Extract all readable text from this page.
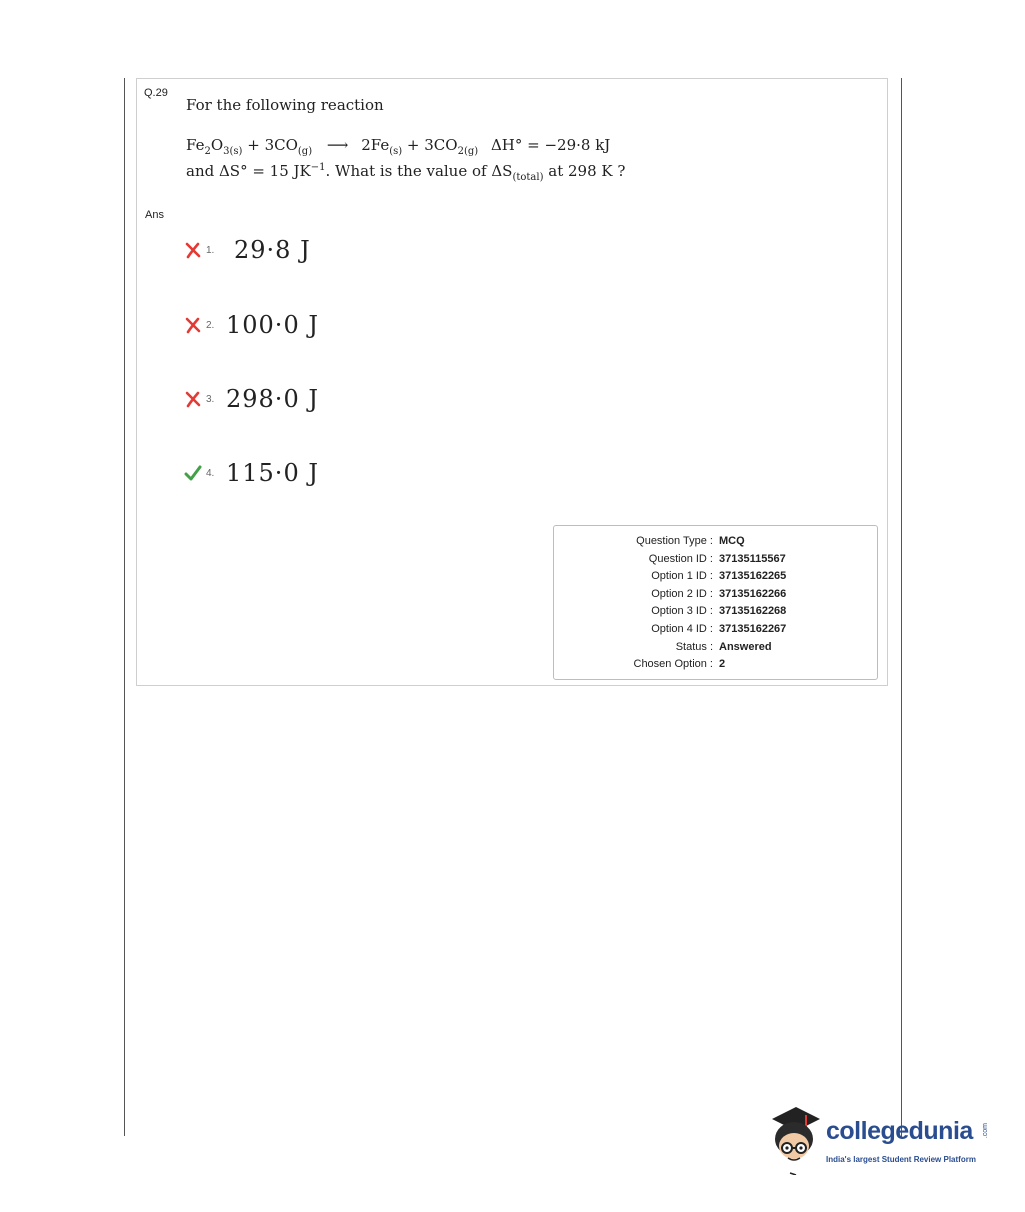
Q.29
For the following reaction
$Fe_2O_{3(s)} + 3CO_{(g)}$ ⟶ $2Fe_{(s)} + 3CO_{2(g)}$ ΔH° = −29·8 kJ
and ΔS° = 15 $JK^{-1}$. What is the value of $\Delta S_{(total)}$ at 298 K ?
Ans
1. 29·8 J
2. 100·0 J
3. 298·0 J
4. 115·0 J
Question Type : MCQ
Question ID : 37135115567
Option 1 ID : 37135162265
Option 2 ID : 37135162266
Option 3 ID : 37135162268
Option 4 ID : 37135162267
Status : Answered
Chosen Option : 2
collegedunia .com
India's largest Student Review Platform
